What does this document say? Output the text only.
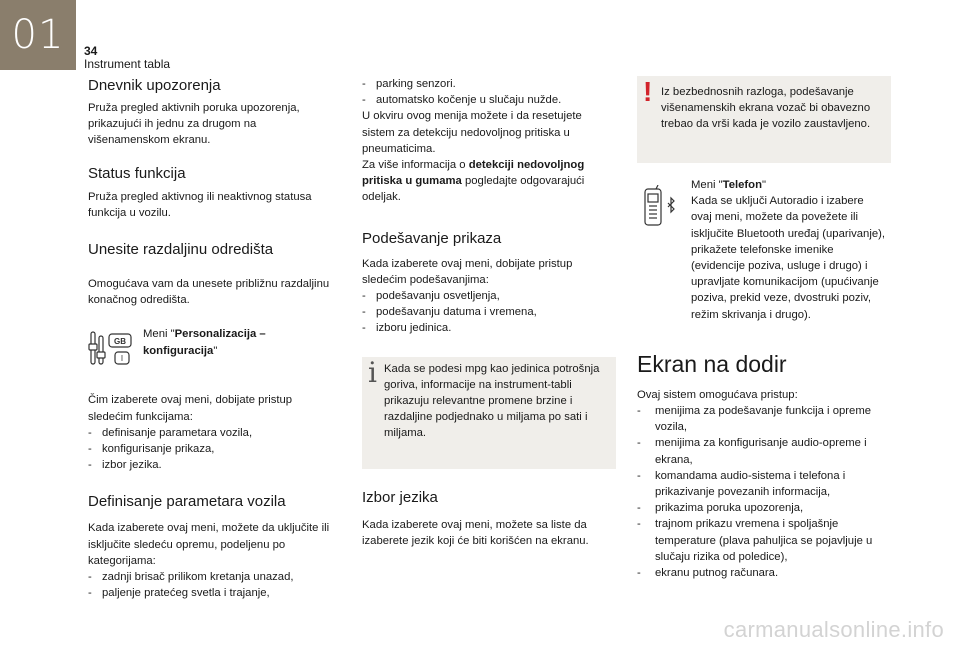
01 34
Instrument tabla
Dnevnik upozorenja

Pruža pregled aktivnih poruka upozorenja, prikazujući ih jednu za drugom na višenamenskom ekranu.

Status funkcija

Pruža pregled aktivnog ili neaktivnog statusa funkcija u vozilu.

Unesite razdaljinu odredišta

Omogućava vam da unesete približnu razdaljinu konačnog odredišta.

GB
I
Meni "Personalizacija – konfiguracija"

Čim izaberete ovaj meni, dobijate pristup sledećim funkcijama:

- definisanje parametara vozila,
- konfigurisanje prikaza,
- izbor jezika.
Definisanje parametara vozila

Kada izaberete ovaj meni, možete da uključite ili isključite sledeću opremu, podeljenu po kategorijama:

- zadnji brisač prilikom kretanja unazad,
- paljenje pratećeg svetla i trajanje,
- parking senzori.
- automatsko kočenje u slučaju nužde.

U okviru ovog menija možete i da resetujete sistem za detekciju nedovoljnog pritiska u pneumaticima.

Za više informacija o detekciji nedovoljnog pritiska u gumama pogledajte odgovarajući odeljak.

Podešavanje prikaza

Kada izaberete ovaj meni, dobijate pristup sledećim podešavanjima:

- podešavanju osvetljenja,
- podešavanju datuma i vremena,
- izboru jedinica.
i Kada se podesi mpg kao jedinica potrošnja goriva, informacije na instrument-tabli prikazuju relevantne promene brzine i razdaljine podjednako u miljama po sati i miljama.

Izbor jezika

Kada izaberete ovaj meni, možete sa liste da izaberete jezik koji će biti korišćen na ekranu.

! Iz bezbednosnih razloga, podešavanje višenamenskih ekrana vozač bi obavezno trebao da vrši kada je vozilo zaustavljeno.

Meni "Telefon"

Kada se uključi Autoradio i izabere ovaj meni, možete da povežete ili isključite Bluetooth uređaj (uparivanje), prikažete telefonske imenike (evidencije poziva, usluge i drugo) i upravljate komunikacijom (upućivanje poziva, prekid veze, dvostruki poziv, režim skrivanja i drugo).

Ekran na dodir

Ovaj sistem omogućava pristup:

- menijima za podešavanje funkcija i opreme vozila,
- menijima za konfigurisanje audio-opreme i ekrana,
- komandama audio-sistema i telefona i prikazivanje povezanih informacija,
- prikazima poruka upozorenja,
- trajnom prikazu vremena i spoljašnje temperature (plava pahuljica se pojavljuje u slučaju rizika od poledice),
- ekranu putnog računara.
carmanualsonline.info
